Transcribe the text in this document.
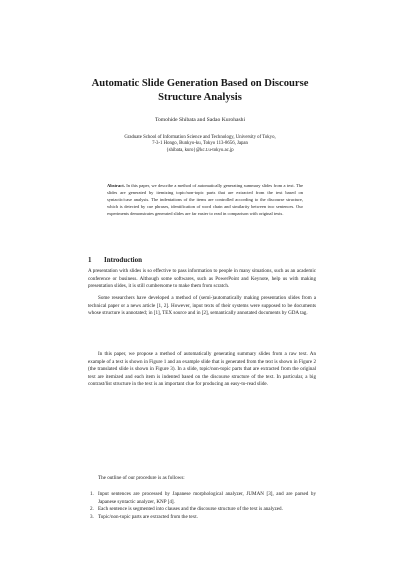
Automatic Slide Generation Based on Discourse
Structure Analysis
Tomohide Shibata and Sadao Kurohashi
Graduate School of Information Science and Technology, University of Tokyo,
7-3-1 Hongo, Bunkyo-ku, Tokyo 113-8656, Japan
{shibata, kuro}@kc.t.u-tokyo.ac.jp
Abstract. In this paper, we describe a method of automatically generating summary slides from a text. The slides are generated by itemizing topic/non-topic parts that are extracted from the text based on syntactic/case analysis. The indentations of the items are controlled according to the discourse structure, which is detected by cue phrases, identification of word chain and similarity between two sentences. Our experiments demonstrates generated slides are far easier to read in comparison with original texts.
1 Introduction

A presentation with slides is so effective to pass information to people in many situations, such as an academic conference or business. Although some softwares, such as PowerPoint and Keynote, help us with making presentation slides, it is still cumbersome to make them from scratch.

Some researchers have developed a method of (semi-)automatically making presentation slides from a technical paper or a news article [1, 2]. However, input texts of their systems were supposed to be documents whose structure is annotated; in [1], TEX source and in [2], semantically annotated documents by GDA tag.

In this paper, we propose a method of automatically generating summary slides from a raw text. An example of a text is shown in Figure 1 and an example slide that is generated from the text is shown in Figure 2 (the translated slide is shown in Figure 3). In a slide, topic/non-topic parts that are extracted from the original text are itemized and each item is indented based on the discourse structure of the text. In particular, a big contrast/list structure in the text is an important clue for producing an easy-to-read slide.

The outline of our procedure is as follows:

1. Input sentences are processed by Japanese morphological analyzer, JUMAN [3], and are parsed by Japanese syntactic analyzer, KNP [4].
2. Each sentence is segmented into clauses and the discourse structure of the text is analyzed.
3. Topic/non-topic parts are extracted from the text.
